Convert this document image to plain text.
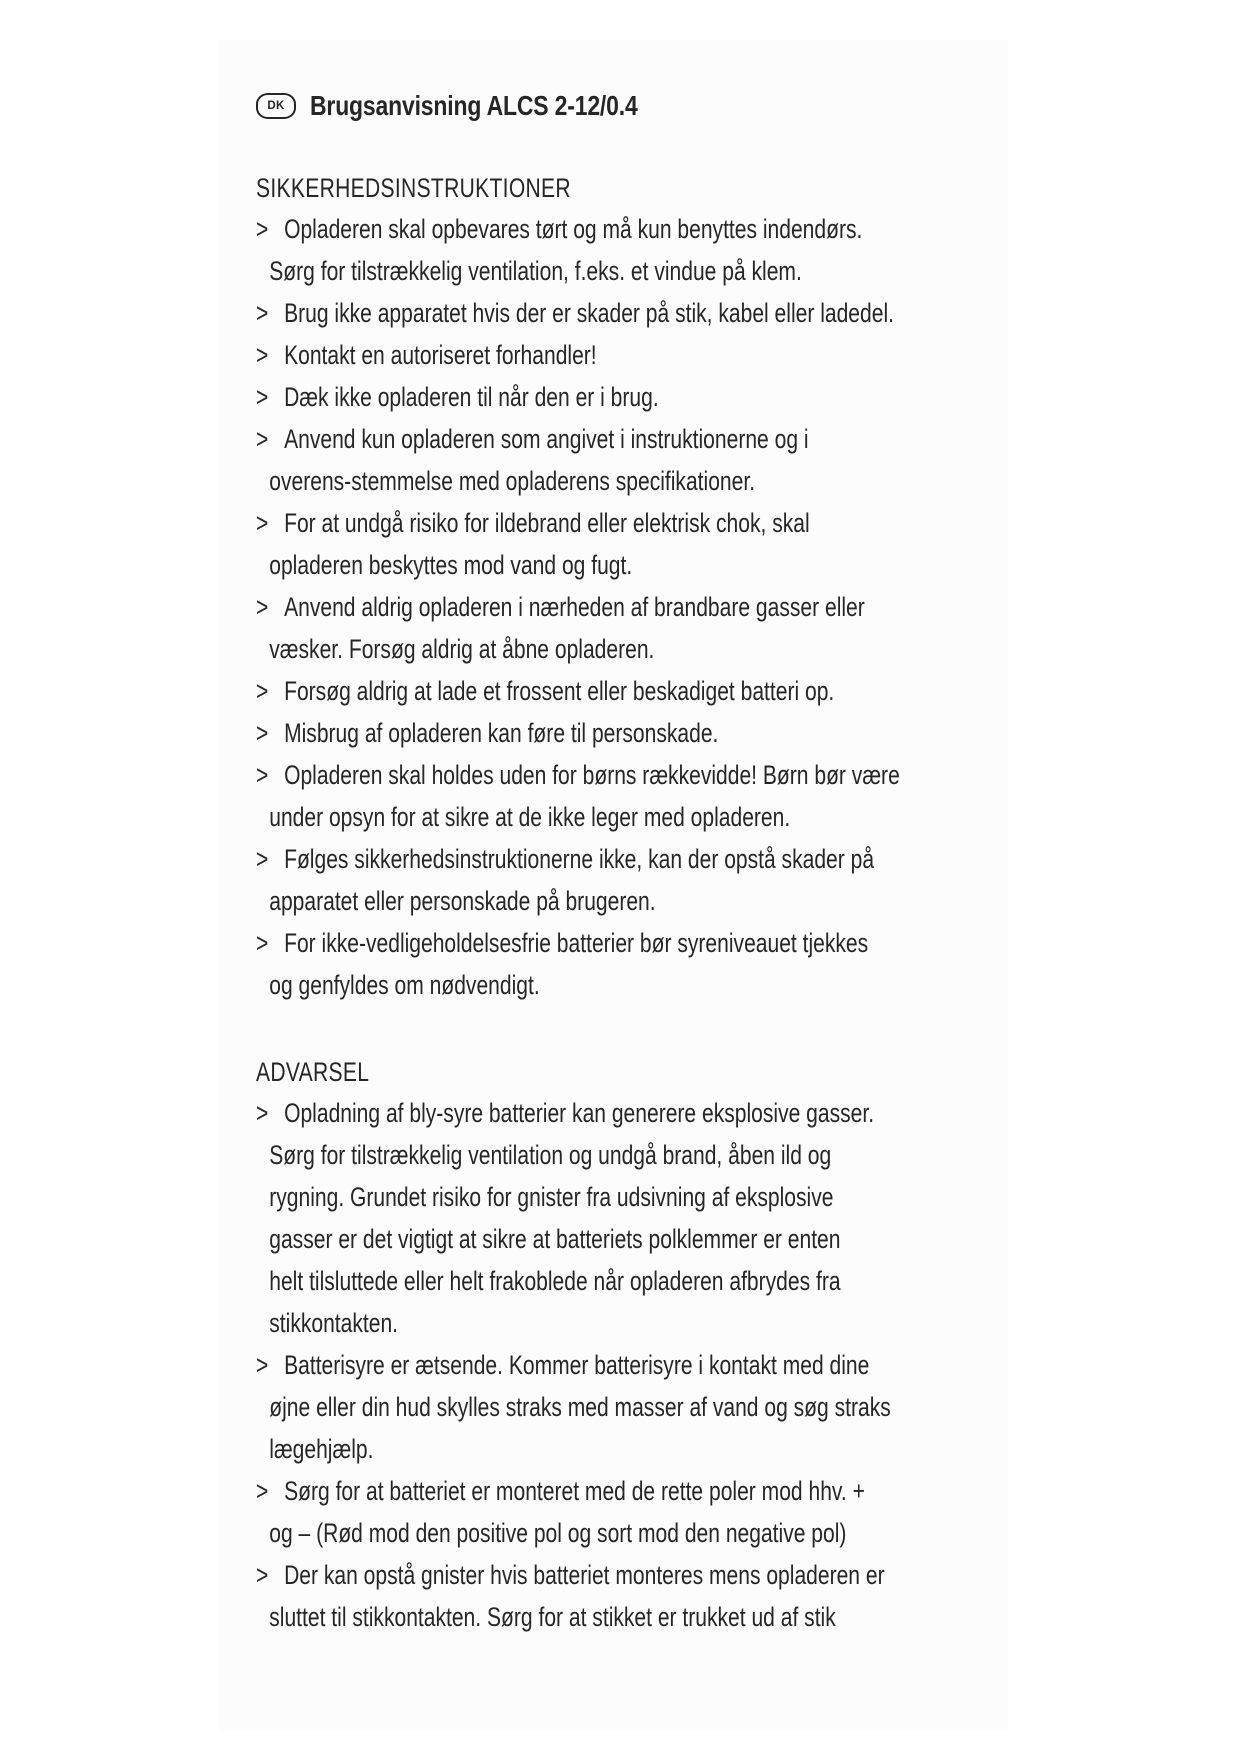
DK Brugsanvisning ALCS 2-12/0.4
SIKKERHEDSINSTRUKTIONER
> Opladeren skal opbevares tørt og må kun benyttes indendørs.
Sørg for tilstrækkelig ventilation, f.eks. et vindue på klem.
> Brug ikke apparatet hvis der er skader på stik, kabel eller ladedel.
> Kontakt en autoriseret forhandler!
> Dæk ikke opladeren til når den er i brug.
> Anvend kun opladeren som angivet i instruktionerne og i
overens-stemmelse med opladerens specifikationer.
> For at undgå risiko for ildebrand eller elektrisk chok, skal
opladeren beskyttes mod vand og fugt.
> Anvend aldrig opladeren i nærheden af brandbare gasser eller
væsker. Forsøg aldrig at åbne opladeren.
> Forsøg aldrig at lade et frossent eller beskadiget batteri op.
> Misbrug af opladeren kan føre til personskade.
> Opladeren skal holdes uden for børns rækkevidde! Børn bør være
under opsyn for at sikre at de ikke leger med opladeren.
> Følges sikkerhedsinstruktionerne ikke, kan der opstå skader på
apparatet eller personskade på brugeren.
> For ikke-vedligeholdelsesfrie batterier bør syreniveauet tjekkes
og genfyldes om nødvendigt.
ADVARSEL
> Opladning af bly-syre batterier kan generere eksplosive gasser.
Sørg for tilstrækkelig ventilation og undgå brand, åben ild og
rygning. Grundet risiko for gnister fra udsivning af eksplosive
gasser er det vigtigt at sikre at batteriets polklemmer er enten
helt tilsluttede eller helt frakoblede når opladeren afbrydes fra
stikkontakten.
> Batterisyre er ætsende. Kommer batterisyre i kontakt med dine
øjne eller din hud skylles straks med masser af vand og søg straks
lægehjælp.
> Sørg for at batteriet er monteret med de rette poler mod hhv. +
og – (Rød mod den positive pol og sort mod den negative pol)
> Der kan opstå gnister hvis batteriet monteres mens opladeren er
sluttet til stikkontakten. Sørg for at stikket er trukket ud af stik
